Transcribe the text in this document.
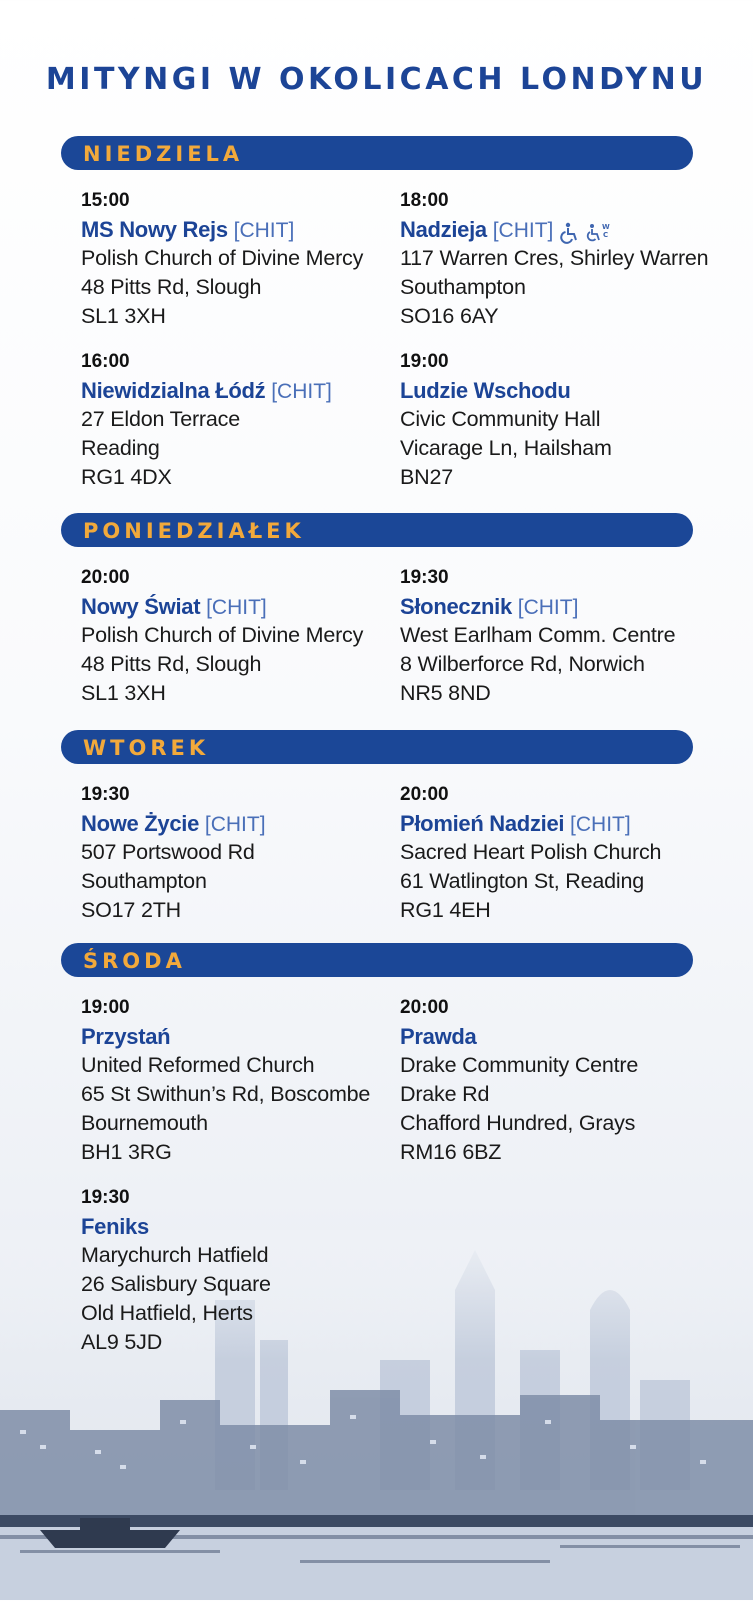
MITYNGI W OKOLICACH LONDYNU
NIEDZIELA
15:00
MS Nowy Rejs [CHIT]
Polish Church of Divine Mercy
48 Pitts Rd, Slough
SL1 3XH
18:00
Nadzieja [CHIT]	W
C
117 Warren Cres, Shirley Warren
Southampton
SO16 6AY
16:00
Niewidzialna Łódź [CHIT]
27 Eldon Terrace
Reading
RG1 4DX
19:00
Ludzie Wschodu
Civic Community Hall
Vicarage Ln, Hailsham
BN27
PONIEDZIAŁEK
20:00
Nowy Świat [CHIT]
Polish Church of Divine Mercy
48 Pitts Rd, Slough
SL1 3XH
19:30
Słonecznik [CHIT]
West Earlham Comm. Centre
8 Wilberforce Rd, Norwich
NR5 8ND
WTOREK
19:30
Nowe Życie [CHIT]
507 Portswood Rd
Southampton
SO17 2TH
20:00
Płomień Nadziei [CHIT]
Sacred Heart Polish Church
61 Watlington St, Reading
RG1 4EH
ŚRODA
19:00
Przystań
United Reformed Church
65 St Swithun’s Rd, Boscombe
Bournemouth
BH1 3RG
20:00
Prawda
Drake Community Centre
Drake Rd
Chafford Hundred, Grays
RM16 6BZ
19:30
Feniks
Marychurch Hatfield
26 Salisbury Square
Old Hatfield, Herts
AL9 5JD
